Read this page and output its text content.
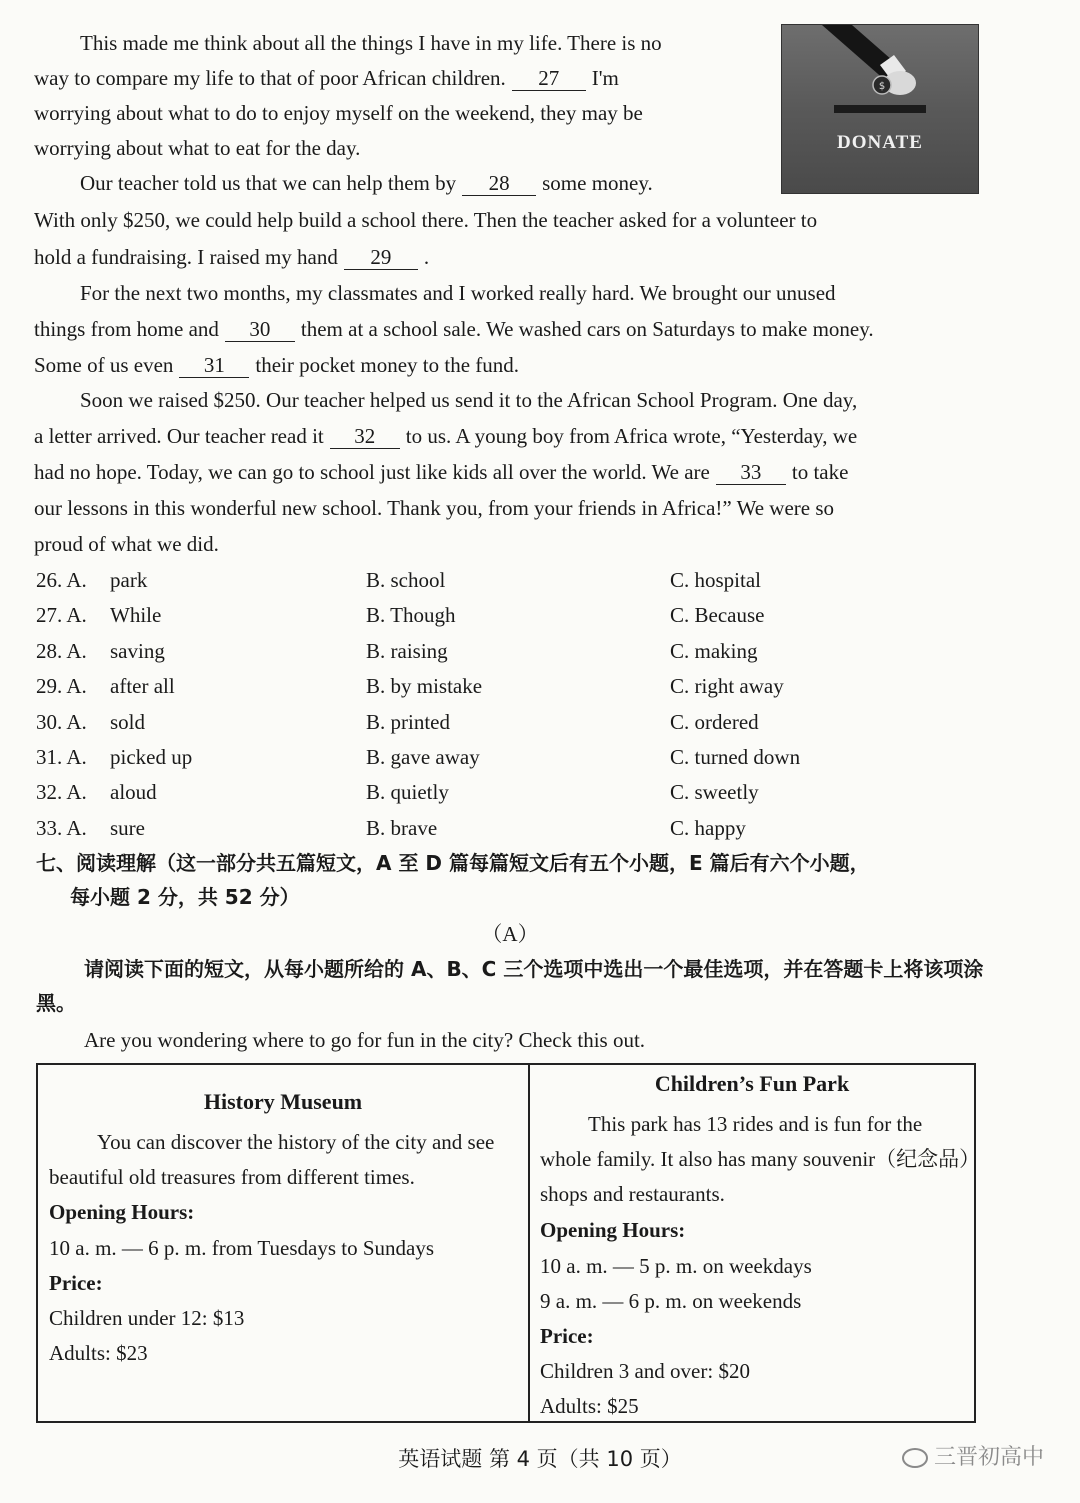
This made me think about all the things I have in my life. There is no
way to compare my life to that of poor African children. 27 I'm
worrying about what to do to enjoy myself on the weekend, they may be
worrying about what to eat for the day.
Our teacher told us that we can help them by 28 some money.
With only $250, we could help build a school there. Then the teacher asked for a volunteer to
hold a fundraising. I raised my hand 29 .
For the next two months, my classmates and I worked really hard. We brought our unused
things from home and 30 them at a school sale. We washed cars on Saturdays to make money.
Some of us even 31 their pocket money to the fund.
Soon we raised $250. Our teacher helped us send it to the African School Program. One day,
a letter arrived. Our teacher read it 32 to us. A young boy from Africa wrote, “Yesterday, we
had no hope. Today, we can go to school just like kids all over the world. We are 33 to take
our lessons in this wonderful new school. Thank you, from your friends in Africa!” We were so
proud of what we did.
$
DONATE
26. A. park	B. school	C. hospital
27. A. While	B. Though	C. Because
28. A. saving	B. raising	C. making
29. A. after all	B. by mistake	C. right away
30. A. sold	B. printed	C. ordered
31. A. picked up	B. gave away	C. turned down
32. A. aloud	B. quietly	C. sweetly
33. A. sure	B. brave	C. happy
七、阅读理解（这一部分共五篇短文，A 至 D 篇每篇短文后有五个小题，E 篇后有六个小题，
每小题 2 分，共 52 分）
（A）
请阅读下面的短文，从每小题所给的 A、B、C 三个选项中选出一个最佳选项，并在答题卡上将该项涂黑。
Are you wondering where to go for fun in the city? Check this out.
History Museum
You can discover the history of the city and see beautiful old treasures from different times.
Opening Hours:
10 a. m. — 6 p. m. from Tuesdays to Sundays
Price:
Children under 12: $13
Adults: $23
Children’s Fun Park
This park has 13 rides and is fun for the whole family. It also has many souvenir（纪念品）shops and restaurants.
Opening Hours:
10 a. m. — 5 p. m. on weekdays
9 a. m. — 6 p. m. on weekends
Price:
Children 3 and over: $20
Adults: $25
英语试题 第 4 页（共 10 页）	三晋初高中
